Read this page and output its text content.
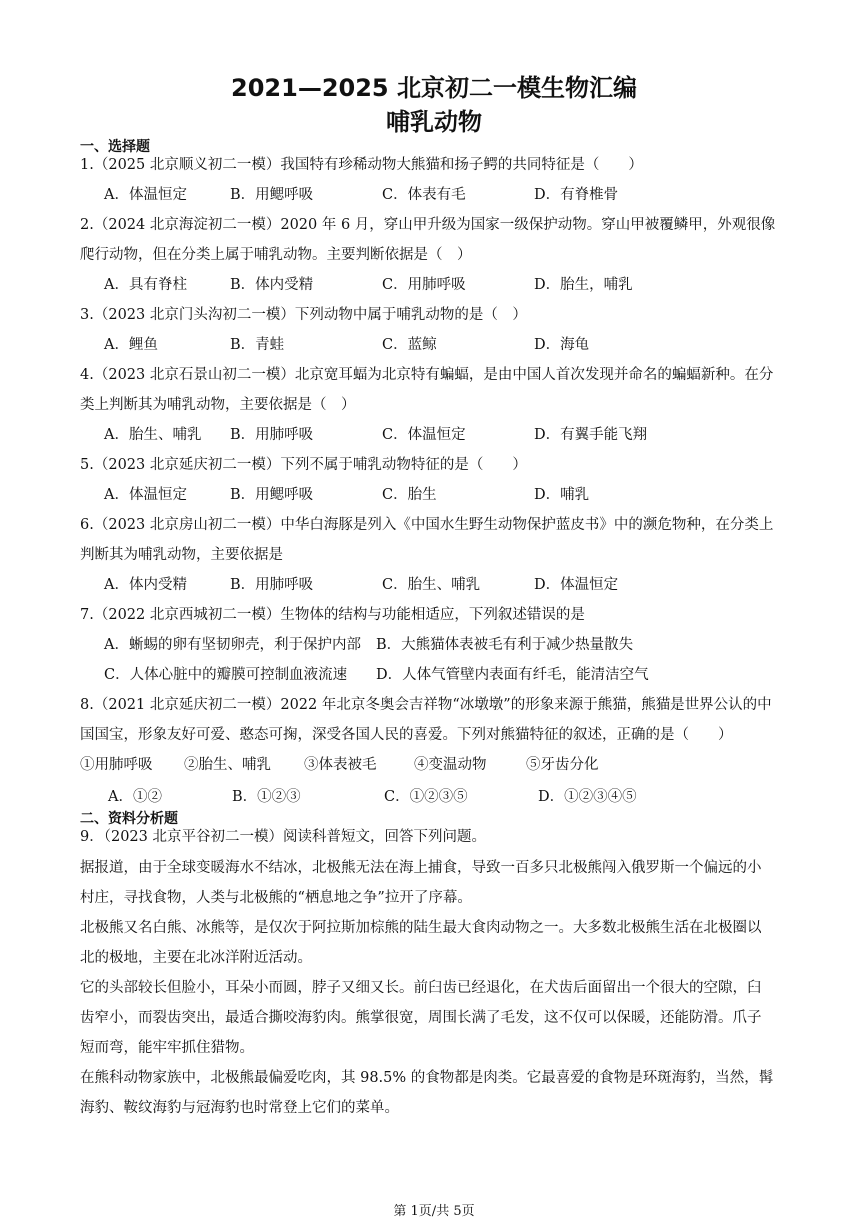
2021—2025 北京初二一模生物汇编
哺乳动物
一、选择题
1.（2025 北京顺义初二一模）我国特有珍稀动物大熊猫和扬子鳄的共同特征是（　　）
A．体温恒定	B．用鳃呼吸	C．体表有毛	D．有脊椎骨
2.（2024 北京海淀初二一模）2020 年 6 月，穿山甲升级为国家一级保护动物。穿山甲被覆鳞甲，外观很像
爬行动物，但在分类上属于哺乳动物。主要判断依据是（　）
A．具有脊柱	B．体内受精	C．用肺呼吸	D．胎生，哺乳
3.（2023 北京门头沟初二一模）下列动物中属于哺乳动物的是（　）
A．鲤鱼	B．青蛙	C．蓝鲸	D．海龟
4.（2023 北京石景山初二一模）北京宽耳蝠为北京特有蝙蝠，是由中国人首次发现并命名的蝙蝠新种。在分
类上判断其为哺乳动物，主要依据是（　）
A．胎生、哺乳 B．用肺呼吸	C．体温恒定	D．有翼手能飞翔
5.（2023 北京延庆初二一模）下列不属于哺乳动物特征的是（　　）
A．体温恒定	B．用鳃呼吸	C．胎生	D．哺乳
6.（2023 北京房山初二一模）中华白海豚是列入《中国水生野生动物保护蓝皮书》中的濒危物种，在分类上
判断其为哺乳动物，主要依据是
A．体内受精	B．用肺呼吸	C．胎生、哺乳	D．体温恒定
7.（2022 北京西城初二一模）生物体的结构与功能相适应，下列叙述错误的是
A．蜥蜴的卵有坚韧卵壳，利于保护内部 B．大熊猫体表被毛有利于减少热量散失
C．人体心脏中的瓣膜可控制血液流速 D．人体气管壁内表面有纤毛，能清洁空气
8.（2021 北京延庆初二一模）2022 年北京冬奥会吉祥物“冰墩墩”的形象来源于熊猫，熊猫是世界公认的中
国国宝，形象友好可爱、憨态可掬，深受各国人民的喜爱。下列对熊猫特征的叙述，正确的是（　　）
①用肺呼吸 ②胎生、哺乳 ③体表被毛	④变温动物	⑤牙齿分化
A．①②	B．①②③	C．①②③⑤	D．①②③④⑤
二、资料分析题
9．（2023 北京平谷初二一模）阅读科普短文，回答下列问题。
据报道，由于全球变暖海水不结冰，北极熊无法在海上捕食，导致一百多只北极熊闯入俄罗斯一个偏远的小
村庄，寻找食物，人类与北极熊的“栖息地之争”拉开了序幕。
北极熊又名白熊、冰熊等，是仅次于阿拉斯加棕熊的陆生最大食肉动物之一。大多数北极熊生活在北极圈以
北的极地，主要在北冰洋附近活动。
它的头部较长但脸小，耳朵小而圆，脖子又细又长。前臼齿已经退化，在犬齿后面留出一个很大的空隙，臼
齿窄小，而裂齿突出，最适合撕咬海豹肉。熊掌很宽，周围长满了毛发，这不仅可以保暖，还能防滑。爪子
短而弯，能牢牢抓住猎物。
在熊科动物家族中，北极熊最偏爱吃肉，其 98.5% 的食物都是肉类。它最喜爱的食物是环斑海豹，当然，髯
海豹、鞍纹海豹与冠海豹也时常登上它们的菜单。
第 1页/共 5页
